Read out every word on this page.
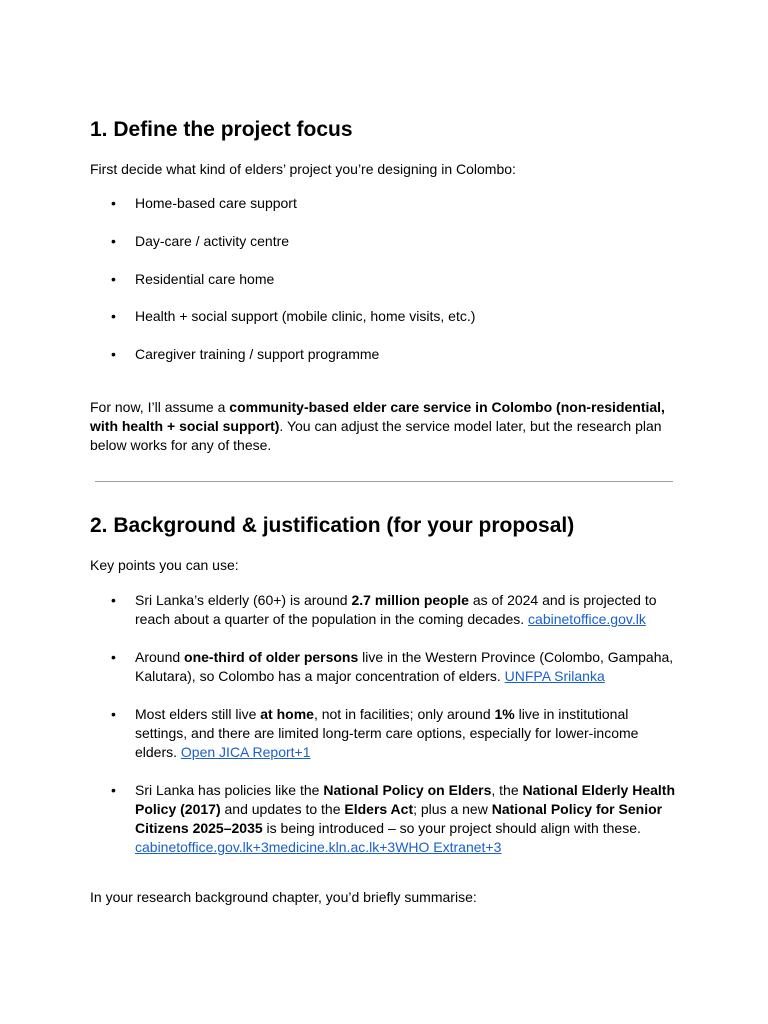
1. Define the project focus

First decide what kind of elders’ project you’re designing in Colombo:

• Home-based care support
• Day-care / activity centre
• Residential care home
• Health + social support (mobile clinic, home visits, etc.)
• Caregiver training / support programme

For now, I’ll assume a community-based elder care service in Colombo (non-residential, with health + social support). You can adjust the service model later, but the research plan below works for any of these.

2. Background & justification (for your proposal)

Key points you can use:

• Sri Lanka’s elderly (60+) is around 2.7 million people as of 2024 and is projected to reach about a quarter of the population in the coming decades. cabinetoffice.gov.lk
• Around one-third of older persons live in the Western Province (Colombo, Gampaha, Kalutara), so Colombo has a major concentration of elders. UNFPA Srilanka
• Most elders still live at home, not in facilities; only around 1% live in institutional settings, and there are limited long-term care options, especially for lower-income elders. Open JICA Report+1
• Sri Lanka has policies like the National Policy on Elders, the National Elderly Health Policy (2017) and updates to the Elders Act; plus a new National Policy for Senior Citizens 2025–2035 is being introduced – so your project should align with these. cabinetoffice.gov.lk+3medicine.kln.ac.lk+3WHO Extranet+3

In your research background chapter, you’d briefly summarise:
